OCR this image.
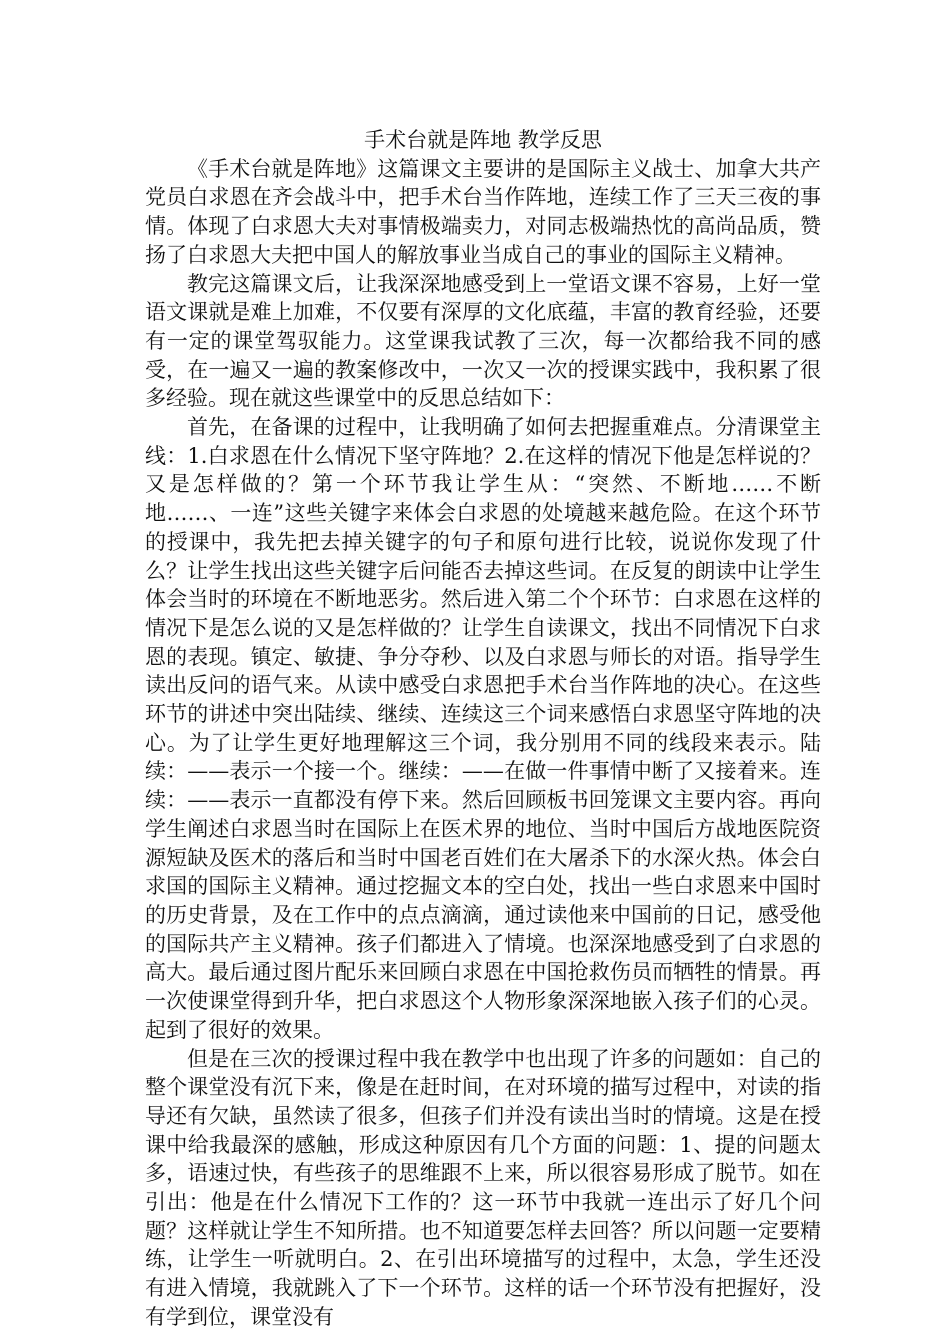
手术台就是阵地 教学反思

《手术台就是阵地》这篇课文主要讲的是国际主义战士、加拿大共产党员白求恩在齐会战斗中，把手术台当作阵地，连续工作了三天三夜的事情。体现了白求恩大夫对事情极端卖力，对同志极端热忱的高尚品质，赞扬了白求恩大夫把中国人的解放事业当成自己的事业的国际主义精神。

教完这篇课文后，让我深深地感受到上一堂语文课不容易，上好一堂语文课就是难上加难，不仅要有深厚的文化底蕴，丰富的教育经验，还要有一定的课堂驾驭能力。这堂课我试教了三次，每一次都给我不同的感受，在一遍又一遍的教案修改中，一次又一次的授课实践中，我积累了很多经验。现在就这些课堂中的反思总结如下：

首先，在备课的过程中，让我明确了如何去把握重难点。分清课堂主线：1.白求恩在什么情况下坚守阵地？2.在这样的情况下他是怎样说的？又是怎样做的？第一个环节我让学生从：“突然、不断地……不断地……、一连”这些关键字来体会白求恩的处境越来越危险。在这个环节的授课中，我先把去掉关键字的句子和原句进行比较，说说你发现了什么？让学生找出这些关键字后问能否去掉这些词。在反复的朗读中让学生体会当时的环境在不断地恶劣。然后进入第二个个环节：白求恩在这样的情况下是怎么说的又是怎样做的？让学生自读课文，找出不同情况下白求恩的表现。镇定、敏捷、争分夺秒、以及白求恩与师长的对语。指导学生读出反问的语气来。从读中感受白求恩把手术台当作阵地的决心。在这些环节的讲述中突出陆续、继续、连续这三个词来感悟白求恩坚守阵地的决心。为了让学生更好地理解这三个词，我分别用不同的线段来表示。陆续：——表示一个接一个。继续：——在做一件事情中断了又接着来。连续：——表示一直都没有停下来。然后回顾板书回笼课文主要内容。再向学生阐述白求恩当时在国际上在医术界的地位、当时中国后方战地医院资源短缺及医术的落后和当时中国老百姓们在大屠杀下的水深火热。体会白求国的国际主义精神。通过挖掘文本的空白处，找出一些白求恩来中国时的历史背景，及在工作中的点点滴滴，通过读他来中国前的日记，感受他的国际共产主义精神。孩子们都进入了情境。也深深地感受到了白求恩的高大。最后通过图片配乐来回顾白求恩在中国抢救伤员而牺牲的情景。再一次使课堂得到升华，把白求恩这个人物形象深深地嵌入孩子们的心灵。起到了很好的效果。

但是在三次的授课过程中我在教学中也出现了许多的问题如：自己的整个课堂没有沉下来，像是在赶时间，在对环境的描写过程中，对读的指导还有欠缺，虽然读了很多，但孩子们并没有读出当时的情境。这是在授课中给我最深的感触，形成这种原因有几个方面的问题：1、提的问题太多，语速过快，有些孩子的思维跟不上来，所以很容易形成了脱节。如在引出：他是在什么情况下工作的？这一环节中我就一连出示了好几个问题？这样就让学生不知所措。也不知道要怎样去回答？所以问题一定要精练，让学生一听就明白。2、在引出环境描写的过程中，太急，学生还没有进入情境，我就跳入了下一个环节。这样的话一个环节没有把握好，没有学到位，课堂没有
